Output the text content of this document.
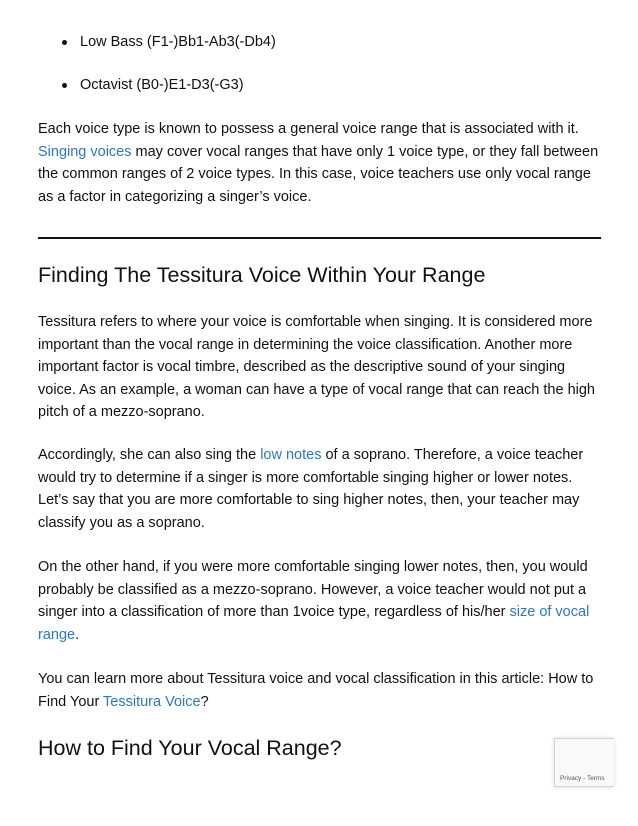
Low Bass (F1-)Bb1-Ab3(-Db4)
Octavist (B0-)E1-D3(-G3)

Each voice type is known to possess a general voice range that is associated with it. Singing voices may cover vocal ranges that have only 1 voice type, or they fall between the common ranges of 2 voice types. In this case, voice teachers use only vocal range as a factor in categorizing a singer’s voice.

Finding The Tessitura Voice Within Your Range

Tessitura refers to where your voice is comfortable when singing. It is considered more important than the vocal range in determining the voice classification. Another more important factor is vocal timbre, described as the descriptive sound of your singing voice. As an example, a woman can have a type of vocal range that can reach the high pitch of a mezzo-soprano.

Accordingly, she can also sing the low notes of a soprano. Therefore, a voice teacher would try to determine if a singer is more comfortable singing higher or lower notes. Let’s say that you are more comfortable to sing higher notes, then, your teacher may classify you as a soprano.

On the other hand, if you were more comfortable singing lower notes, then, you would probably be classified as a mezzo-soprano. However, a voice teacher would not put a singer into a classification of more than 1voice type, regardless of his/her size of vocal range.

You can learn more about Tessitura voice and vocal classification in this article: How to Find Your Tessitura Voice?

How to Find Your Vocal Range?
Privacy - Terms
